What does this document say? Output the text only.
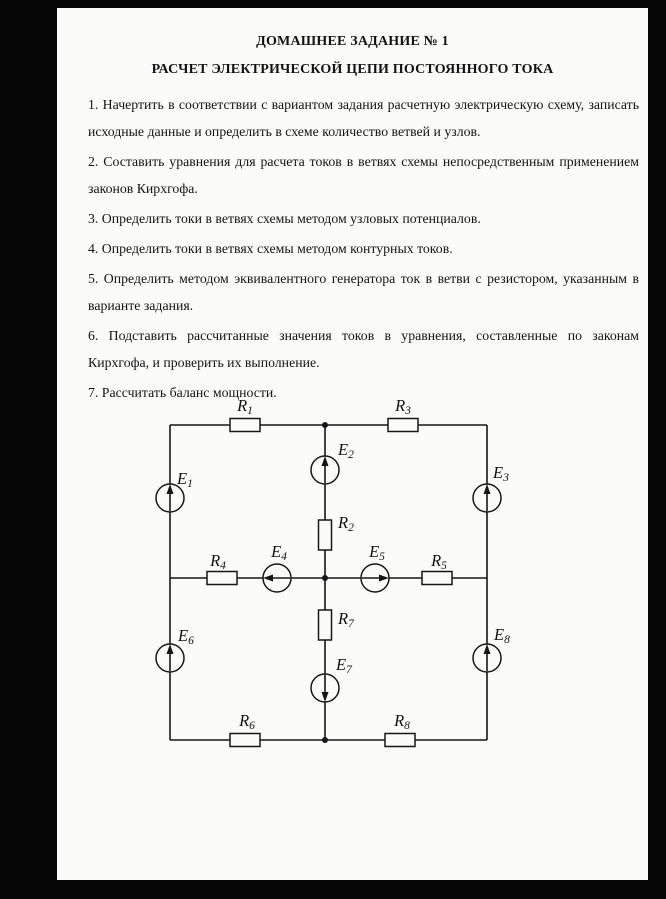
ДОМАШНЕЕ ЗАДАНИЕ № 1
РАСЧЕТ ЭЛЕКТРИЧЕСКОЙ ЦЕПИ ПОСТОЯННОГО ТОКА

1. Начертить в соответствии с вариантом задания расчетную электрическую схему, записать исходные данные и определить в схеме количество ветвей и узлов.

2. Составить уравнения для расчета токов в ветвях схемы непосредственным применением законов Кирхгофа.

3. Определить токи в ветвях схемы методом узловых потенциалов.

4. Определить токи в ветвях схемы методом контурных токов.

5. Определить методом эквивалентного генератора ток в ветви с резистором, указанным в варианте задания.

6. Подставить рассчитанные значения токов в уравнения, составленные по законам Кирхгофа, и проверить их выполнение.

7. Рассчитать баланс мощности.

R1	R3
E2
E1
E3
R2
R4
E4	E5	R5
E6	E8
R7
E7
R6	R8
